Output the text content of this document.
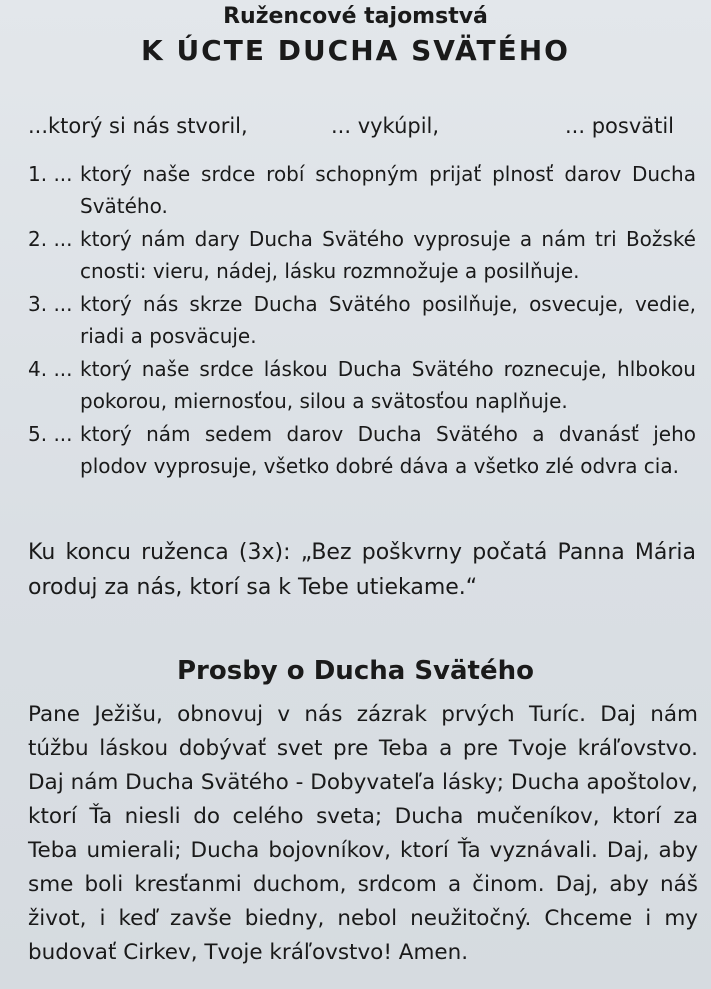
Ružencové tajomstvá
K ÚCTE DUCHA SVÄTÉHO
...ktorý si nás stvoril,	... vykúpil,	... posvätil
1. ... ktorý naše srdce robí schopným prijať plnosť darov Ducha Svätého.
2. ... ktorý nám dary Ducha Svätého vyprosuje a nám tri Božské cnosti: vieru, nádej, lásku rozmnožuje a posilňuje.
3. ... ktorý nás skrze Ducha Svätého posilňuje, osvecuje, vedie, riadi a posväcuje.
4. ... ktorý naše srdce láskou Ducha Svätého roznecuje, hlbokou pokorou, miernosťou, silou a svätosťou naplňuje.
5. ... ktorý nám sedem darov Ducha Svätého a dvanásť jeho plodov vyprosuje, všetko dobré dáva a všetko zlé odvra cia.
Ku koncu ruženca (3x): „Bez poškvrny počatá Panna Mária oroduj za nás, ktorí sa k Tebe utiekame.“
Prosby o Ducha Svätého
Pane Ježišu, obnovuj v nás zázrak prvých Turíc. Daj nám túžbu láskou dobývať svet pre Teba a pre Tvoje kráľovstvo. Daj nám Ducha Svätého - Dobyvateľa lásky; Ducha apoštolov, ktorí Ťa niesli do celého sveta; Ducha mučeníkov, ktorí za Teba umierali; Ducha bojovníkov, ktorí Ťa vyznávali. Daj, aby sme boli kresťanmi duchom, srdcom a činom. Daj, aby náš život, i keď zavše biedny, nebol neužitočný. Chceme i my budovať Cirkev, Tvoje kráľovstvo! Amen.
